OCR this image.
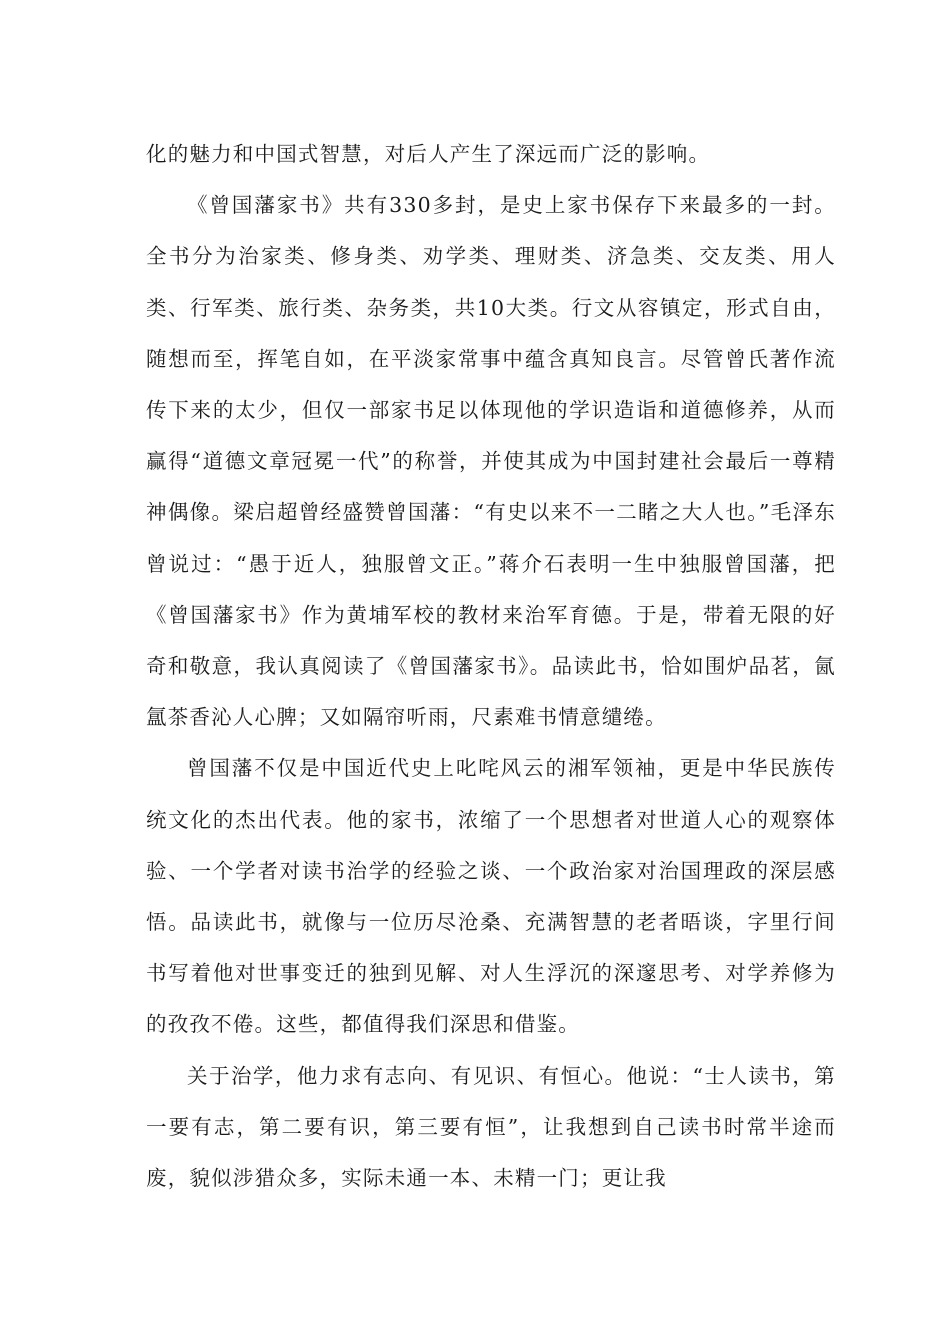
化的魅力和中国式智慧，对后人产生了深远而广泛的影响。

《曾国藩家书》共有330多封，是史上家书保存下来最多的一封。全书分为治家类、修身类、劝学类、理财类、济急类、交友类、用人类、行军类、旅行类、杂务类，共10大类。行文从容镇定，形式自由，随想而至，挥笔自如，在平淡家常事中蕴含真知良言。尽管曾氏著作流传下来的太少，但仅一部家书足以体现他的学识造诣和道德修养，从而赢得“道德文章冠冕一代”的称誉，并使其成为中国封建社会最后一尊精神偶像。梁启超曾经盛赞曾国藩：“有史以来不一二睹之大人也。”毛泽东曾说过：“愚于近人，独服曾文正。”蒋介石表明一生中独服曾国藩，把《曾国藩家书》作为黄埔军校的教材来治军育德。于是，带着无限的好奇和敬意，我认真阅读了《曾国藩家书》。品读此书，恰如围炉品茗，氤氲茶香沁人心脾；又如隔帘听雨，尺素难书情意缱绻。

曾国藩不仅是中国近代史上叱咤风云的湘军领袖，更是中华民族传统文化的杰出代表。他的家书，浓缩了一个思想者对世道人心的观察体验、一个学者对读书治学的经验之谈、一个政治家对治国理政的深层感悟。品读此书，就像与一位历尽沧桑、充满智慧的老者晤谈，字里行间书写着他对世事变迁的独到见解、对人生浮沉的深邃思考、对学养修为的孜孜不倦。这些，都值得我们深思和借鉴。

关于治学，他力求有志向、有见识、有恒心。他说：“士人读书，第一要有志，第二要有识，第三要有恒”，让我想到自己读书时常半途而废，貌似涉猎众多，实际未通一本、未精一门；更让我
